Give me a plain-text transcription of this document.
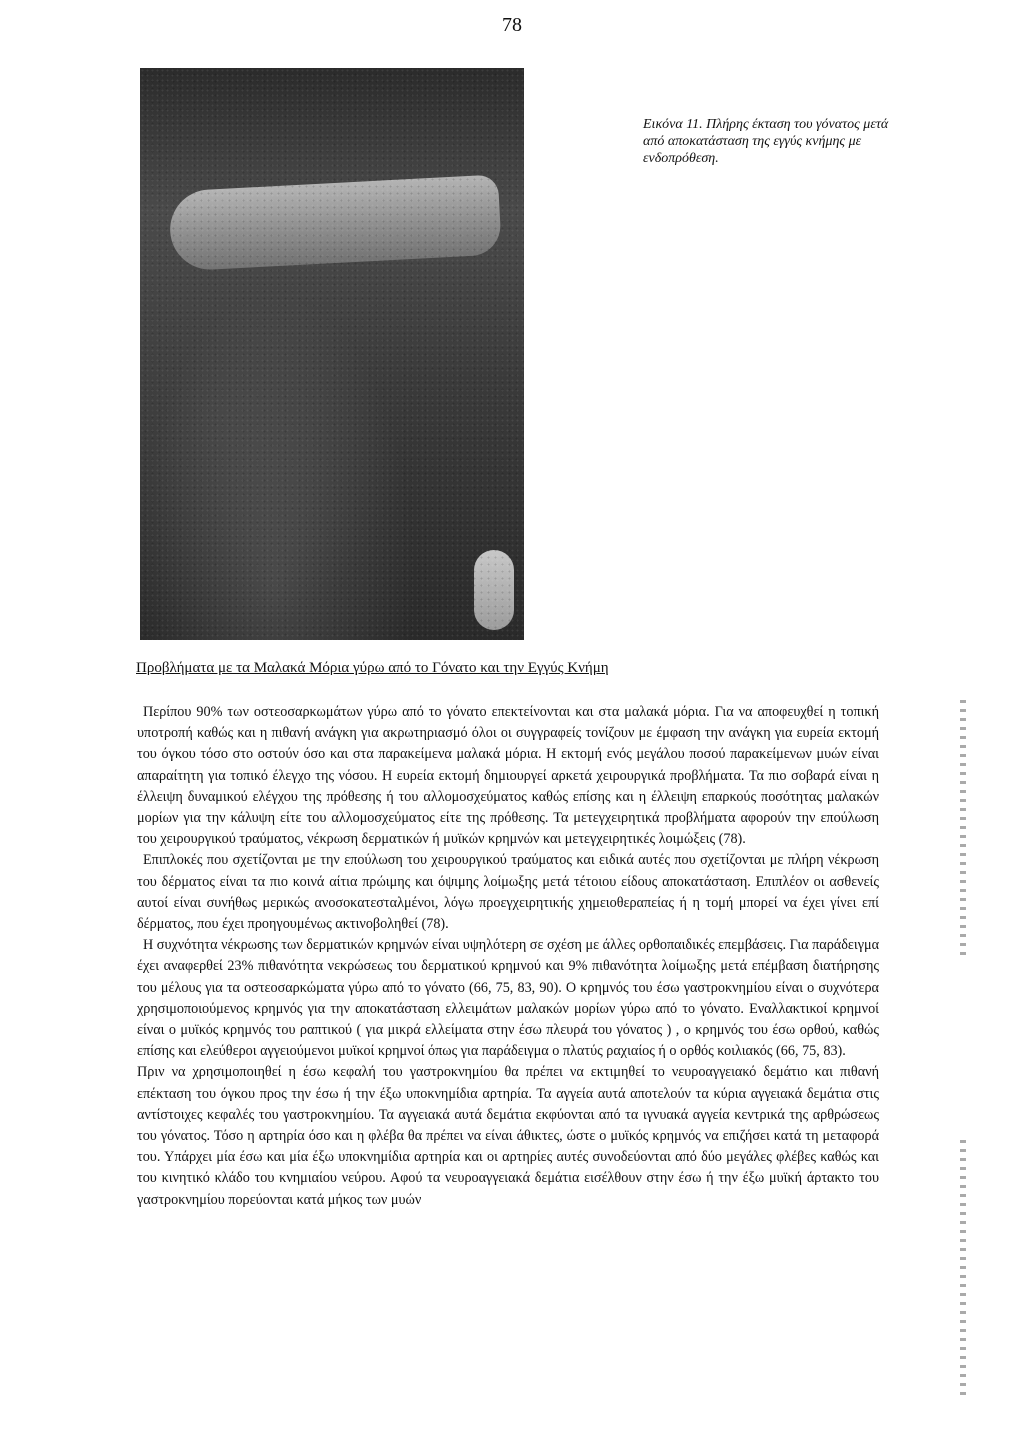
78
Εικόνα 11. Πλήρης έκταση του γόνατος μετά από αποκατάσταση της εγγύς κνήμης με ενδοπρόθεση.
Προβλήματα με τα Μαλακά Μόρια γύρω από το Γόνατο και την Εγγύς Κνήμη

Περίπου 90% των οστεοσαρκωμάτων γύρω από το γόνατο επεκτείνονται και στα μαλακά μόρια. Για να αποφευχθεί η τοπική υποτροπή καθώς και η πιθανή ανάγκη για ακρωτηριασμό όλοι οι συγγραφείς τονίζουν με έμφαση την ανάγκη για ευρεία εκτομή του όγκου τόσο στο οστούν όσο και στα παρακείμενα μαλακά μόρια. Η εκτομή ενός μεγάλου ποσού παρακείμενων μυών είναι απαραίτητη για τοπικό έλεγχο της νόσου. Η ευρεία εκτομή δημιουργεί αρκετά χειρουργικά προβλήματα. Τα πιο σοβαρά είναι η έλλειψη δυναμικού ελέγχου της πρόθεσης ή του αλλομοσχεύματος καθώς επίσης και η έλλειψη επαρκούς ποσότητας μαλακών μορίων για την κάλυψη είτε του αλλομοσχεύματος είτε της πρόθεσης. Τα μετεγχειρητικά προβλήματα αφορούν την επούλωση του χειρουργικού τραύματος, νέκρωση δερματικών ή μυϊκών κρημνών και μετεγχειρητικές λοιμώξεις (78).

Επιπλοκές που σχετίζονται με την επούλωση του χειρουργικού τραύματος και ειδικά αυτές που σχετίζονται με πλήρη νέκρωση του δέρματος είναι τα πιο κοινά αίτια πρώιμης και όψιμης λοίμωξης μετά τέτοιου είδους αποκατάσταση. Επιπλέον οι ασθενείς αυτοί είναι συνήθως μερικώς ανοσοκατεσταλμένοι, λόγω προεγχειρητικής χημειοθεραπείας ή η τομή μπορεί να έχει γίνει επί δέρματος, που έχει προηγουμένως ακτινοβοληθεί (78).

Η συχνότητα νέκρωσης των δερματικών κρημνών είναι υψηλότερη σε σχέση με άλλες ορθοπαιδικές επεμβάσεις. Για παράδειγμα έχει αναφερθεί 23% πιθανότητα νεκρώσεως του δερματικού κρημνού και 9% πιθανότητα λοίμωξης μετά επέμβαση διατήρησης του μέλους για τα οστεοσαρκώματα γύρω από το γόνατο (66, 75, 83, 90). Ο κρημνός του έσω γαστροκνημίου είναι ο συχνότερα χρησιμοποιούμενος κρημνός για την αποκατάσταση ελλειμάτων μαλακών μορίων γύρω από το γόνατο. Εναλλακτικοί κρημνοί είναι ο μυϊκός κρημνός του ραπτικού ( για μικρά ελλείματα στην έσω πλευρά του γόνατος ) , ο κρημνός του έσω ορθού, καθώς επίσης και ελεύθεροι αγγειούμενοι μυϊκοί κρημνοί όπως για παράδειγμα ο πλατύς ραχιαίος ή ο ορθός κοιλιακός (66, 75, 83).

Πριν να χρησιμοποιηθεί η έσω κεφαλή του γαστροκνημίου θα πρέπει να εκτιμηθεί το νευροαγγειακό δεμάτιο και πιθανή επέκταση του όγκου προς την έσω ή την έξω υποκνημίδια αρτηρία. Τα αγγεία αυτά αποτελούν τα κύρια αγγειακά δεμάτια στις αντίστοιχες κεφαλές του γαστροκνημίου. Τα αγγειακά αυτά δεμάτια εκφύονται από τα ιγνυακά αγγεία κεντρικά της αρθρώσεως του γόνατος. Τόσο η αρτηρία όσο και η φλέβα θα πρέπει να είναι άθικτες, ώστε ο μυϊκός κρημνός να επιζήσει κατά τη μεταφορά του. Υπάρχει μία έσω και μία έξω υποκνημίδια αρτηρία και οι αρτηρίες αυτές συνοδεύονται από δύο μεγάλες φλέβες καθώς και του κινητικό κλάδο του κνημιαίου νεύρου. Αφού τα νευροαγγειακά δεμάτια εισέλθουν στην έσω ή την έξω μυϊκή άρτακτο του γαστροκνημίου πορεύονται κατά μήκος των μυών
